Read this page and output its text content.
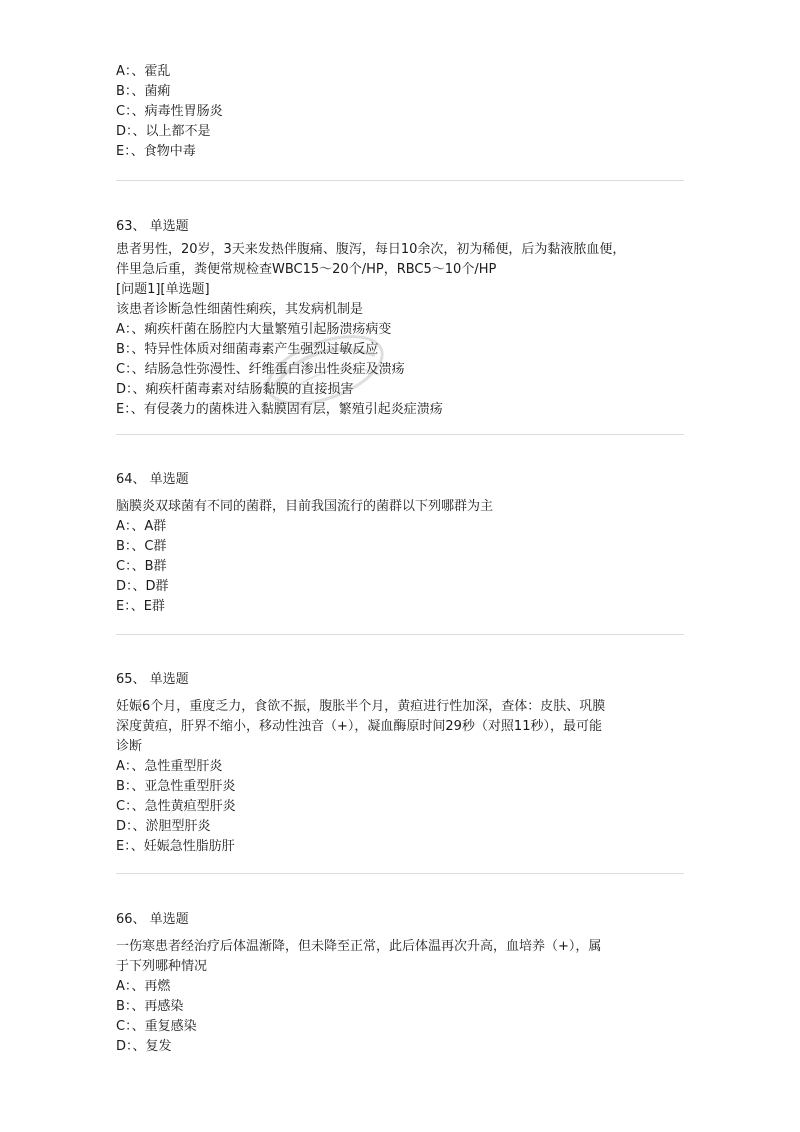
A：、霍乱
B：、菌痢
C：、病毒性胃肠炎
D：、以上都不是
E：、食物中毒
63、 单选题
患者男性，20岁，3天来发热伴腹痛、腹泻，每日10余次，初为稀便，后为黏液脓血便，
伴里急后重，粪便常规检查WBC15～20个/HP，RBC5～10个/HP
[问题1][单选题]
该患者诊断急性细菌性痢疾，其发病机制是
A：、痢疾杆菌在肠腔内大量繁殖引起肠溃疡病变
B：、特异性体质对细菌毒素产生强烈过敏反应
C：、结肠急性弥漫性、纤维蛋白渗出性炎症及溃疡
D：、痢疾杆菌毒素对结肠黏膜的直接损害
E：、有侵袭力的菌株进入黏膜固有层，繁殖引起炎症溃疡
64、 单选题
脑膜炎双球菌有不同的菌群，目前我国流行的菌群以下列哪群为主
A：、A群
B：、C群
C：、B群
D：、D群
E：、E群
65、 单选题
妊娠6个月，重度乏力，食欲不振，腹胀半个月，黄疸进行性加深，查体：皮肤、巩膜
深度黄疸，肝界不缩小，移动性浊音（+），凝血酶原时间29秒（对照11秒），最可能
诊断
A：、急性重型肝炎
B：、亚急性重型肝炎
C：、急性黄疸型肝炎
D：、淤胆型肝炎
E：、妊娠急性脂肪肝
66、 单选题
一伤寒患者经治疗后体温渐降，但未降至正常，此后体温再次升高，血培养（+），属
于下列哪种情况
A：、再燃
B：、再感染
C：、重复感染
D：、复发
